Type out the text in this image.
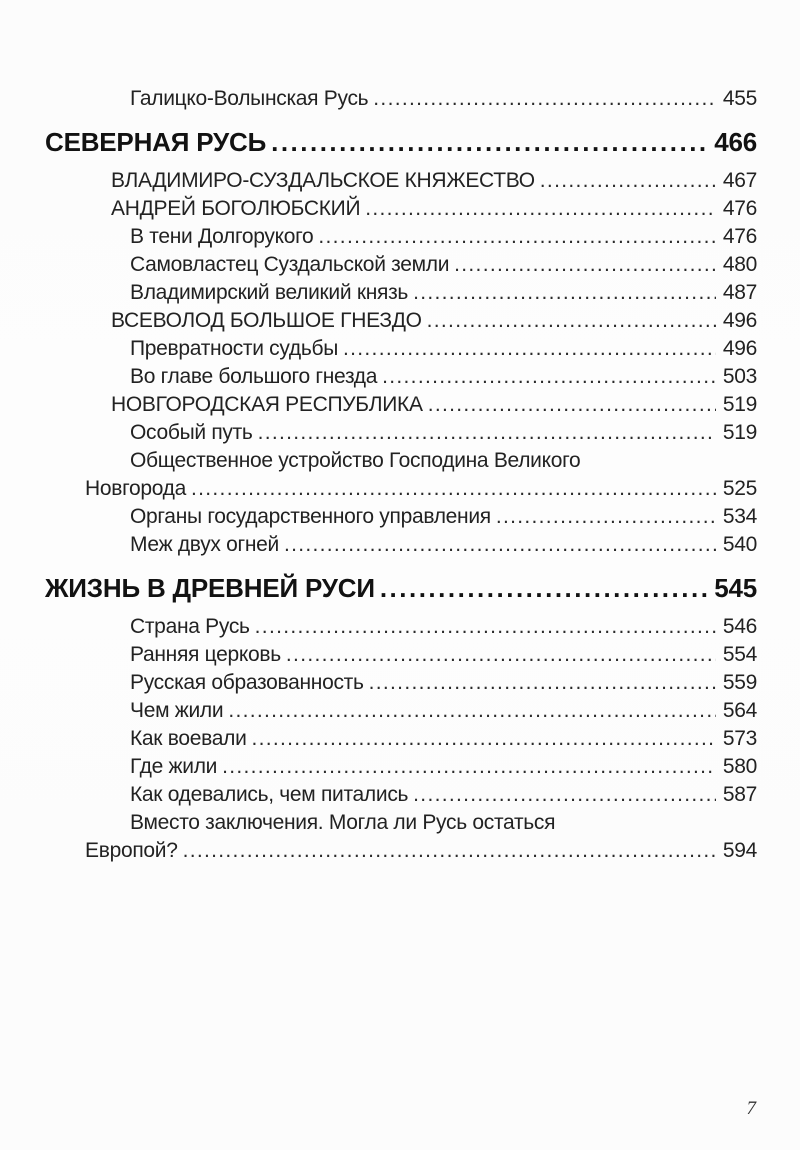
Галицко-Волынская Русь .....	455
СЕВЕРНАЯ РУСЬ .....	466
ВЛАДИМИРО-СУЗДАЛЬСКОЕ КНЯЖЕСТВО .....	467
АНДРЕЙ БОГОЛЮБСКИЙ .....	476
В тени Долгорукого .....	476
Самовластец Суздальской земли .....	480
Владимирский великий князь .....	487
ВСЕВОЛОД БОЛЬШОЕ ГНЕЗДО .....	496
Превратности судьбы .....	496
Во главе большого гнезда .....	503
НОВГОРОДСКАЯ РЕСПУБЛИКА .....	519
Особый путь .....	519
Общественное устройство Господина Великого
Новгорода .....	525
Органы государственного управления .....	534
Меж двух огней .....	540
ЖИЗНЬ В ДРЕВНЕЙ РУСИ .....	545
Страна Русь .....	546
Ранняя церковь .....	554
Русская образованность .....	559
Чем жили .....	564
Как воевали .....	573
Где жили .....	580
Как одевались, чем питались .....	587
Вместо заключения. Могла ли Русь остаться
Европой? .....	594
7
